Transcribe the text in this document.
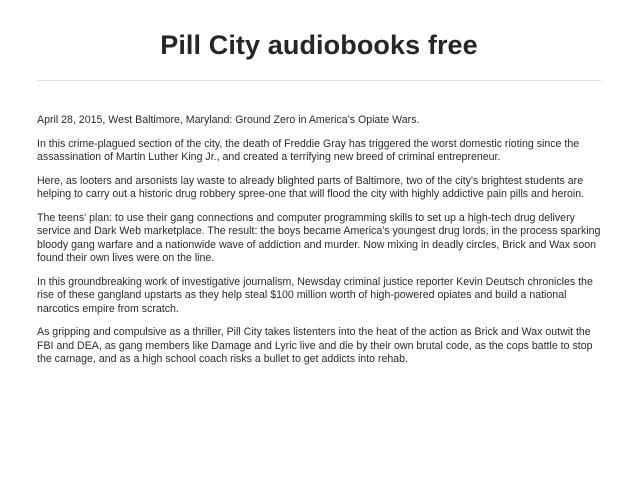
Pill City audiobooks free

April 28, 2015, West Baltimore, Maryland: Ground Zero in America's Opiate Wars.

In this crime-plagued section of the city, the death of Freddie Gray has triggered the worst domestic rioting since the assassination of Martin Luther King Jr., and created a terrifying new breed of criminal entrepreneur.

Here, as looters and arsonists lay waste to already blighted parts of Baltimore, two of the city's brightest students are helping to carry out a historic drug robbery spree-one that will flood the city with highly addictive pain pills and heroin.

The teens' plan: to use their gang connections and computer programming skills to set up a high-tech drug delivery service and Dark Web marketplace. The result: the boys became America's youngest drug lords, in the process sparking bloody gang warfare and a nationwide wave of addiction and murder. Now mixing in deadly circles, Brick and Wax soon found their own lives were on the line.

In this groundbreaking work of investigative journalism, Newsday criminal justice reporter Kevin Deutsch chronicles the rise of these gangland upstarts as they help steal $100 million worth of high-powered opiates and build a national narcotics empire from scratch.

As gripping and compulsive as a thriller, Pill City takes listenters into the heat of the action as Brick and Wax outwit the FBI and DEA, as gang members like Damage and Lyric live and die by their own brutal code, as the cops battle to stop the carnage, and as a high school coach risks a bullet to get addicts into rehab.
